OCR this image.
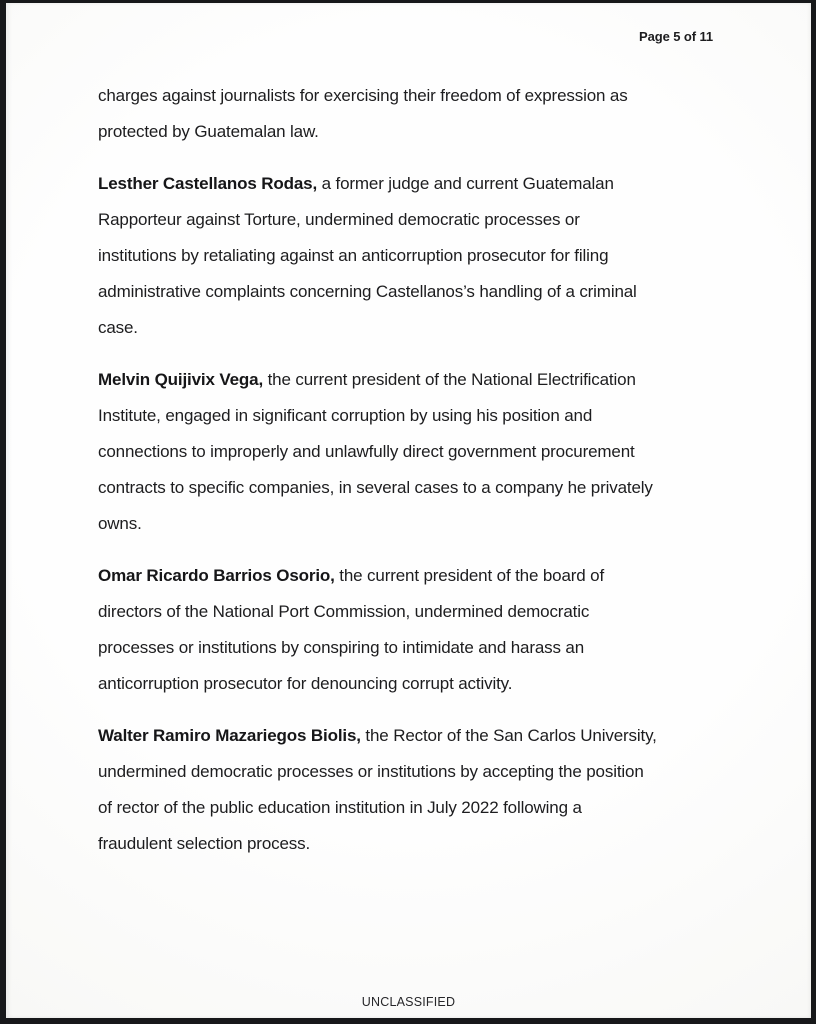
Page 5 of 11

charges against journalists for exercising their freedom of expression as
protected by Guatemalan law.

Lesther Castellanos Rodas, a former judge and current Guatemalan
Rapporteur against Torture, undermined democratic processes or
institutions by retaliating against an anticorruption prosecutor for filing
administrative complaints concerning Castellanos’s handling of a criminal
case.

Melvin Quijivix Vega, the current president of the National Electrification
Institute, engaged in significant corruption by using his position and
connections to improperly and unlawfully direct government procurement
contracts to specific companies, in several cases to a company he privately
owns.

Omar Ricardo Barrios Osorio, the current president of the board of
directors of the National Port Commission, undermined democratic
processes or institutions by conspiring to intimidate and harass an
anticorruption prosecutor for denouncing corrupt activity.

Walter Ramiro Mazariegos Biolis, the Rector of the San Carlos University,
undermined democratic processes or institutions by accepting the position
of rector of the public education institution in July 2022 following a
fraudulent selection process.

UNCLASSIFIED
